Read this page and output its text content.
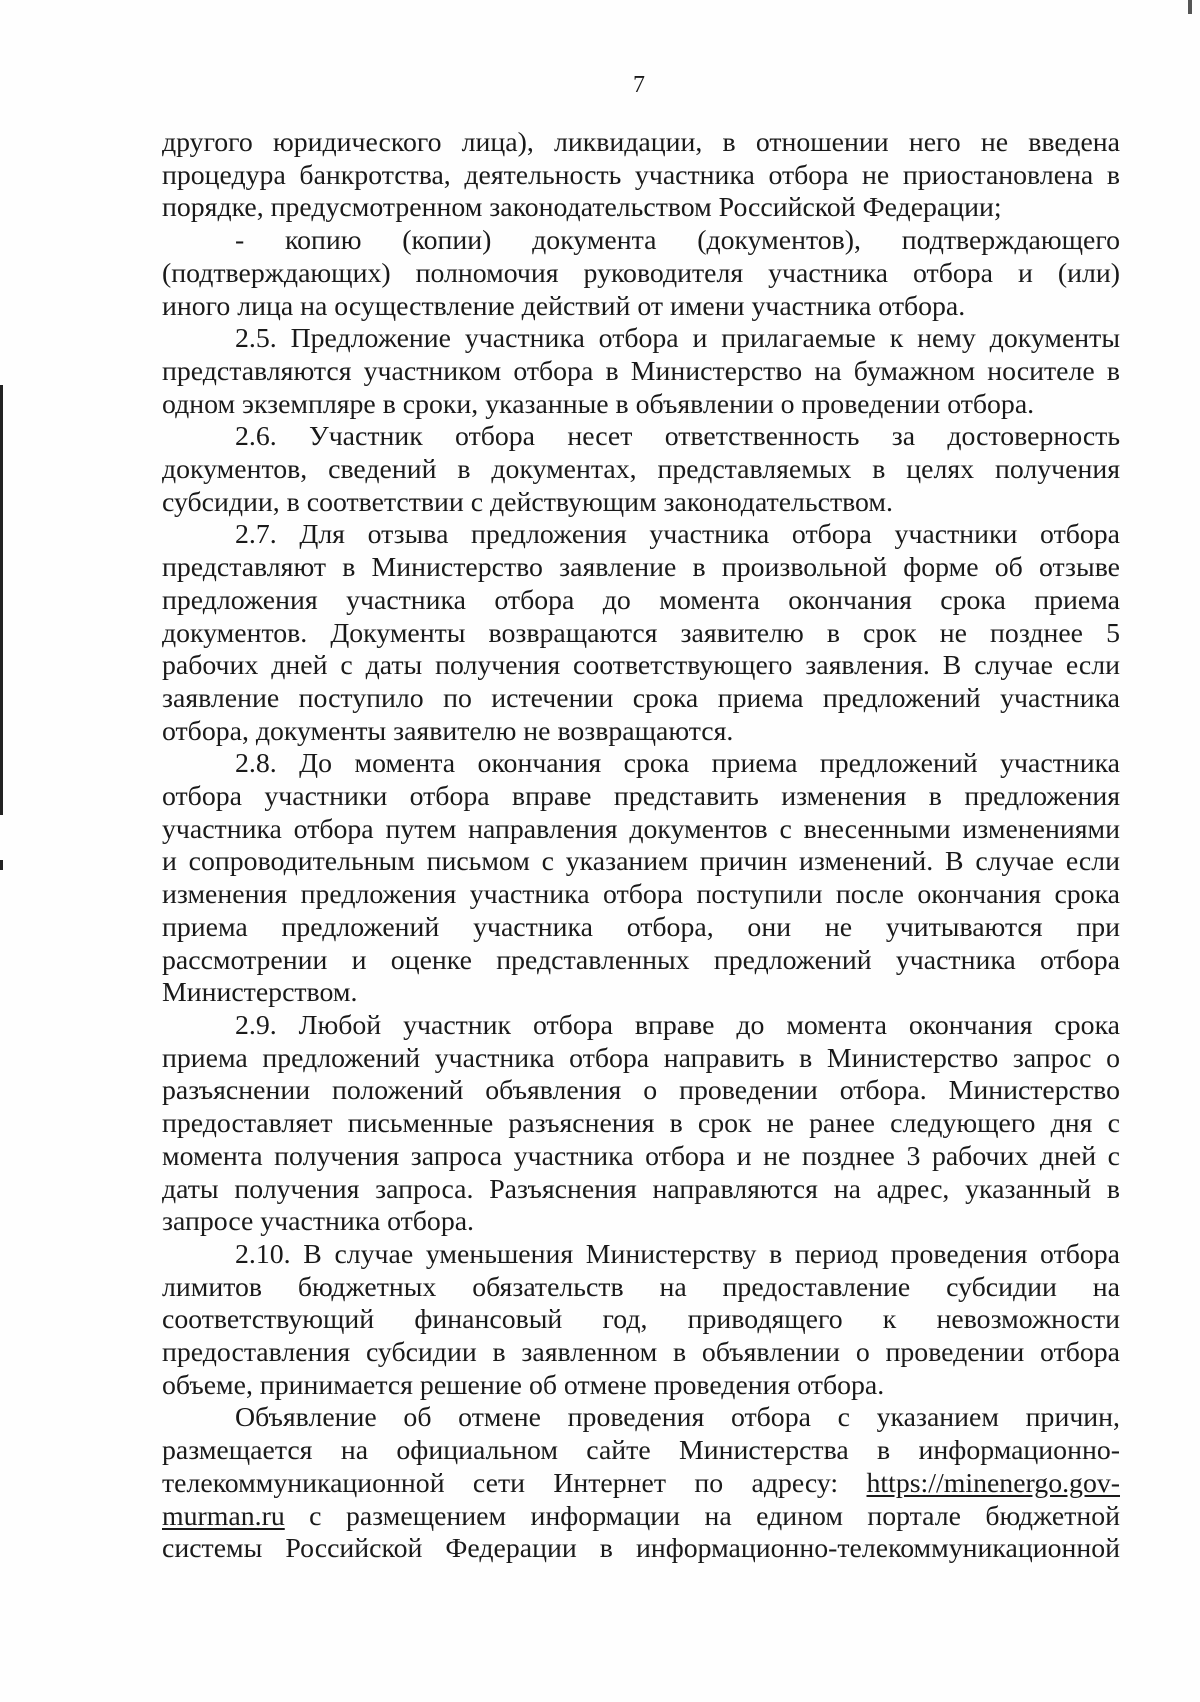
7

другого юридического лица), ликвидации, в отношении него не введена

процедура банкротства, деятельность участника отбора не приостановлена в

порядке, предусмотренном законодательством Российской Федерации;

- копию (копии) документа (документов), подтверждающего

(подтверждающих) полномочия руководителя участника отбора и (или)

иного лица на осуществление действий от имени участника отбора.

2.5. Предложение участника отбора и прилагаемые к нему документы

представляются участником отбора в Министерство на бумажном носителе в

одном экземпляре в сроки, указанные в объявлении о проведении отбора.

2.6. Участник отбора несет ответственность за достоверность

документов, сведений в документах, представляемых в целях получения

субсидии, в соответствии с действующим законодательством.

2.7. Для отзыва предложения участника отбора участники отбора

представляют в Министерство заявление в произвольной форме об отзыве

предложения участника отбора до момента окончания срока приема

документов. Документы возвращаются заявителю в срок не позднее 5

рабочих дней с даты получения соответствующего заявления. В случае если

заявление поступило по истечении срока приема предложений участника

отбора, документы заявителю не возвращаются.

2.8. До момента окончания срока приема предложений участника

отбора участники отбора вправе представить изменения в предложения

участника отбора путем направления документов с внесенными изменениями

и сопроводительным письмом с указанием причин изменений. В случае если

изменения предложения участника отбора поступили после окончания срока

приема предложений участника отбора, они не учитываются при

рассмотрении и оценке представленных предложений участника отбора

Министерством.

2.9. Любой участник отбора вправе до момента окончания срока

приема предложений участника отбора направить в Министерство запрос о

разъяснении положений объявления о проведении отбора. Министерство

предоставляет письменные разъяснения в срок не ранее следующего дня с

момента получения запроса участника отбора и не позднее 3 рабочих дней с

даты получения запроса. Разъяснения направляются на адрес, указанный в

запросе участника отбора.

2.10. В случае уменьшения Министерству в период проведения отбора

лимитов бюджетных обязательств на предоставление субсидии на

соответствующий финансовый год, приводящего к невозможности

предоставления субсидии в заявленном в объявлении о проведении отбора

объеме, принимается решение об отмене проведения отбора.

Объявление об отмене проведения отбора с указанием причин,

размещается на официальном сайте Министерства в информационно-

телекоммуникационной сети Интернет по адресу: https://minenergo.gov-

murman.ru с размещением информации на едином портале бюджетной

системы Российской Федерации в информационно-телекоммуникационной
